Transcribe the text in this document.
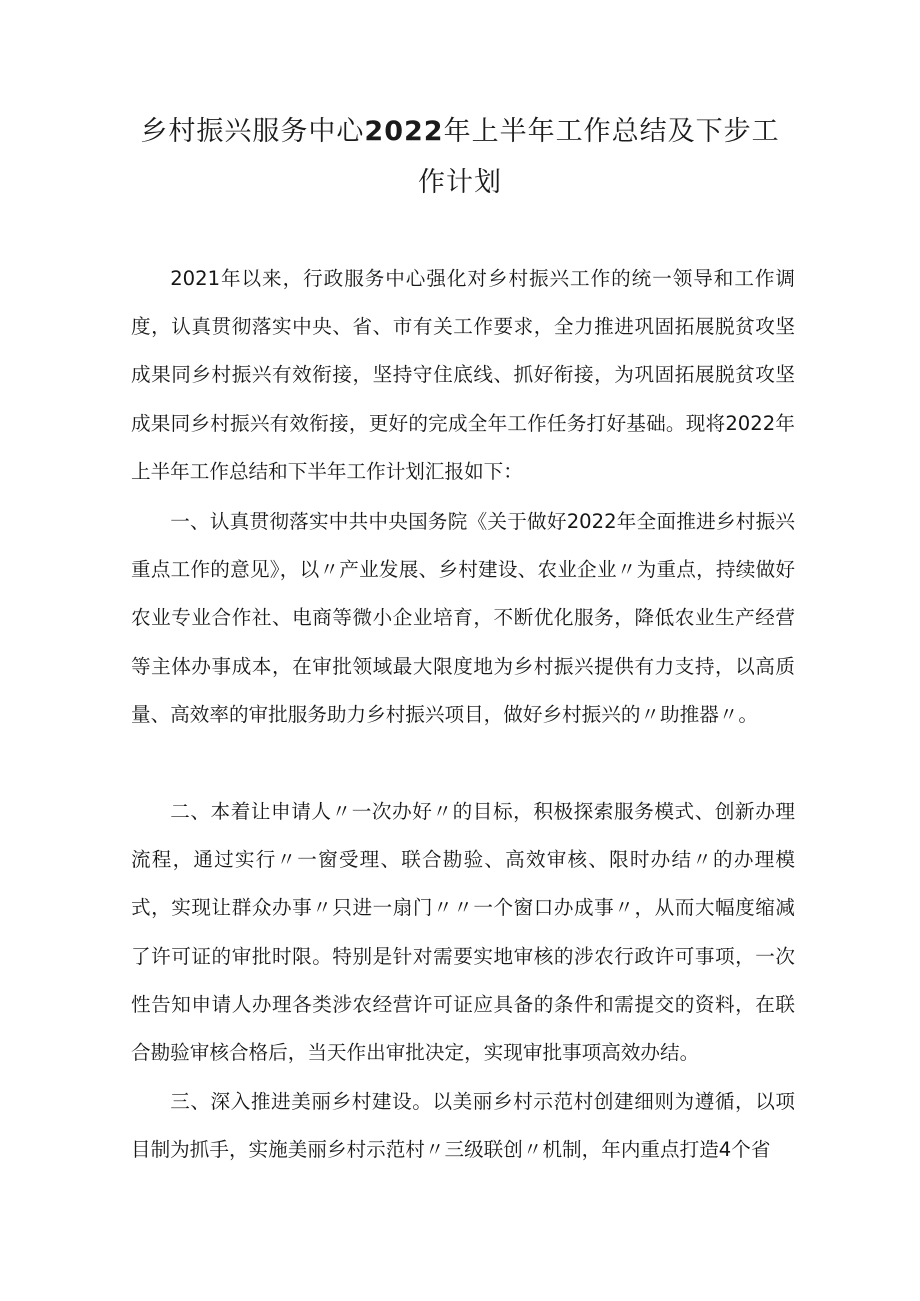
乡村振兴服务中心2022年上半年工作总结及下步工
作计划

2021年以来，行政服务中心强化对乡村振兴工作的统一领导和工作调度，认真贯彻落实中央、省、市有关工作要求，全力推进巩固拓展脱贫攻坚成果同乡村振兴有效衔接，坚持守住底线、抓好衔接，为巩固拓展脱贫攻坚成果同乡村振兴有效衔接，更好的完成全年工作任务打好基础。现将2022年上半年工作总结和下半年工作计划汇报如下：

一、认真贯彻落实中共中央国务院《关于做好2022年全面推进乡村振兴重点工作的意见》，以〃产业发展、乡村建设、农业企业〃为重点，持续做好农业专业合作社、电商等微小企业培育，不断优化服务，降低农业生产经营等主体办事成本，在审批领域最大限度地为乡村振兴提供有力支持，以高质量、高效率的审批服务助力乡村振兴项目，做好乡村振兴的〃助推器〃。

二、本着让申请人〃一次办好〃的目标，积极探索服务模式、创新办理流程，通过实行〃一窗受理、联合勘验、高效审核、限时办结〃的办理模式，实现让群众办事〃只进一扇门〃〃一个窗口办成事〃，从而大幅度缩减了许可证的审批时限。特别是针对需要实地审核的涉农行政许可事项，一次性告知申请人办理各类涉农经营许可证应具备的条件和需提交的资料，在联合勘验审核合格后，当天作出审批决定，实现审批事项高效办结。

三、深入推进美丽乡村建设。以美丽乡村示范村创建细则为遵循，以项目制为抓手，实施美丽乡村示范村〃三级联创〃机制，年内重点打造4个省
